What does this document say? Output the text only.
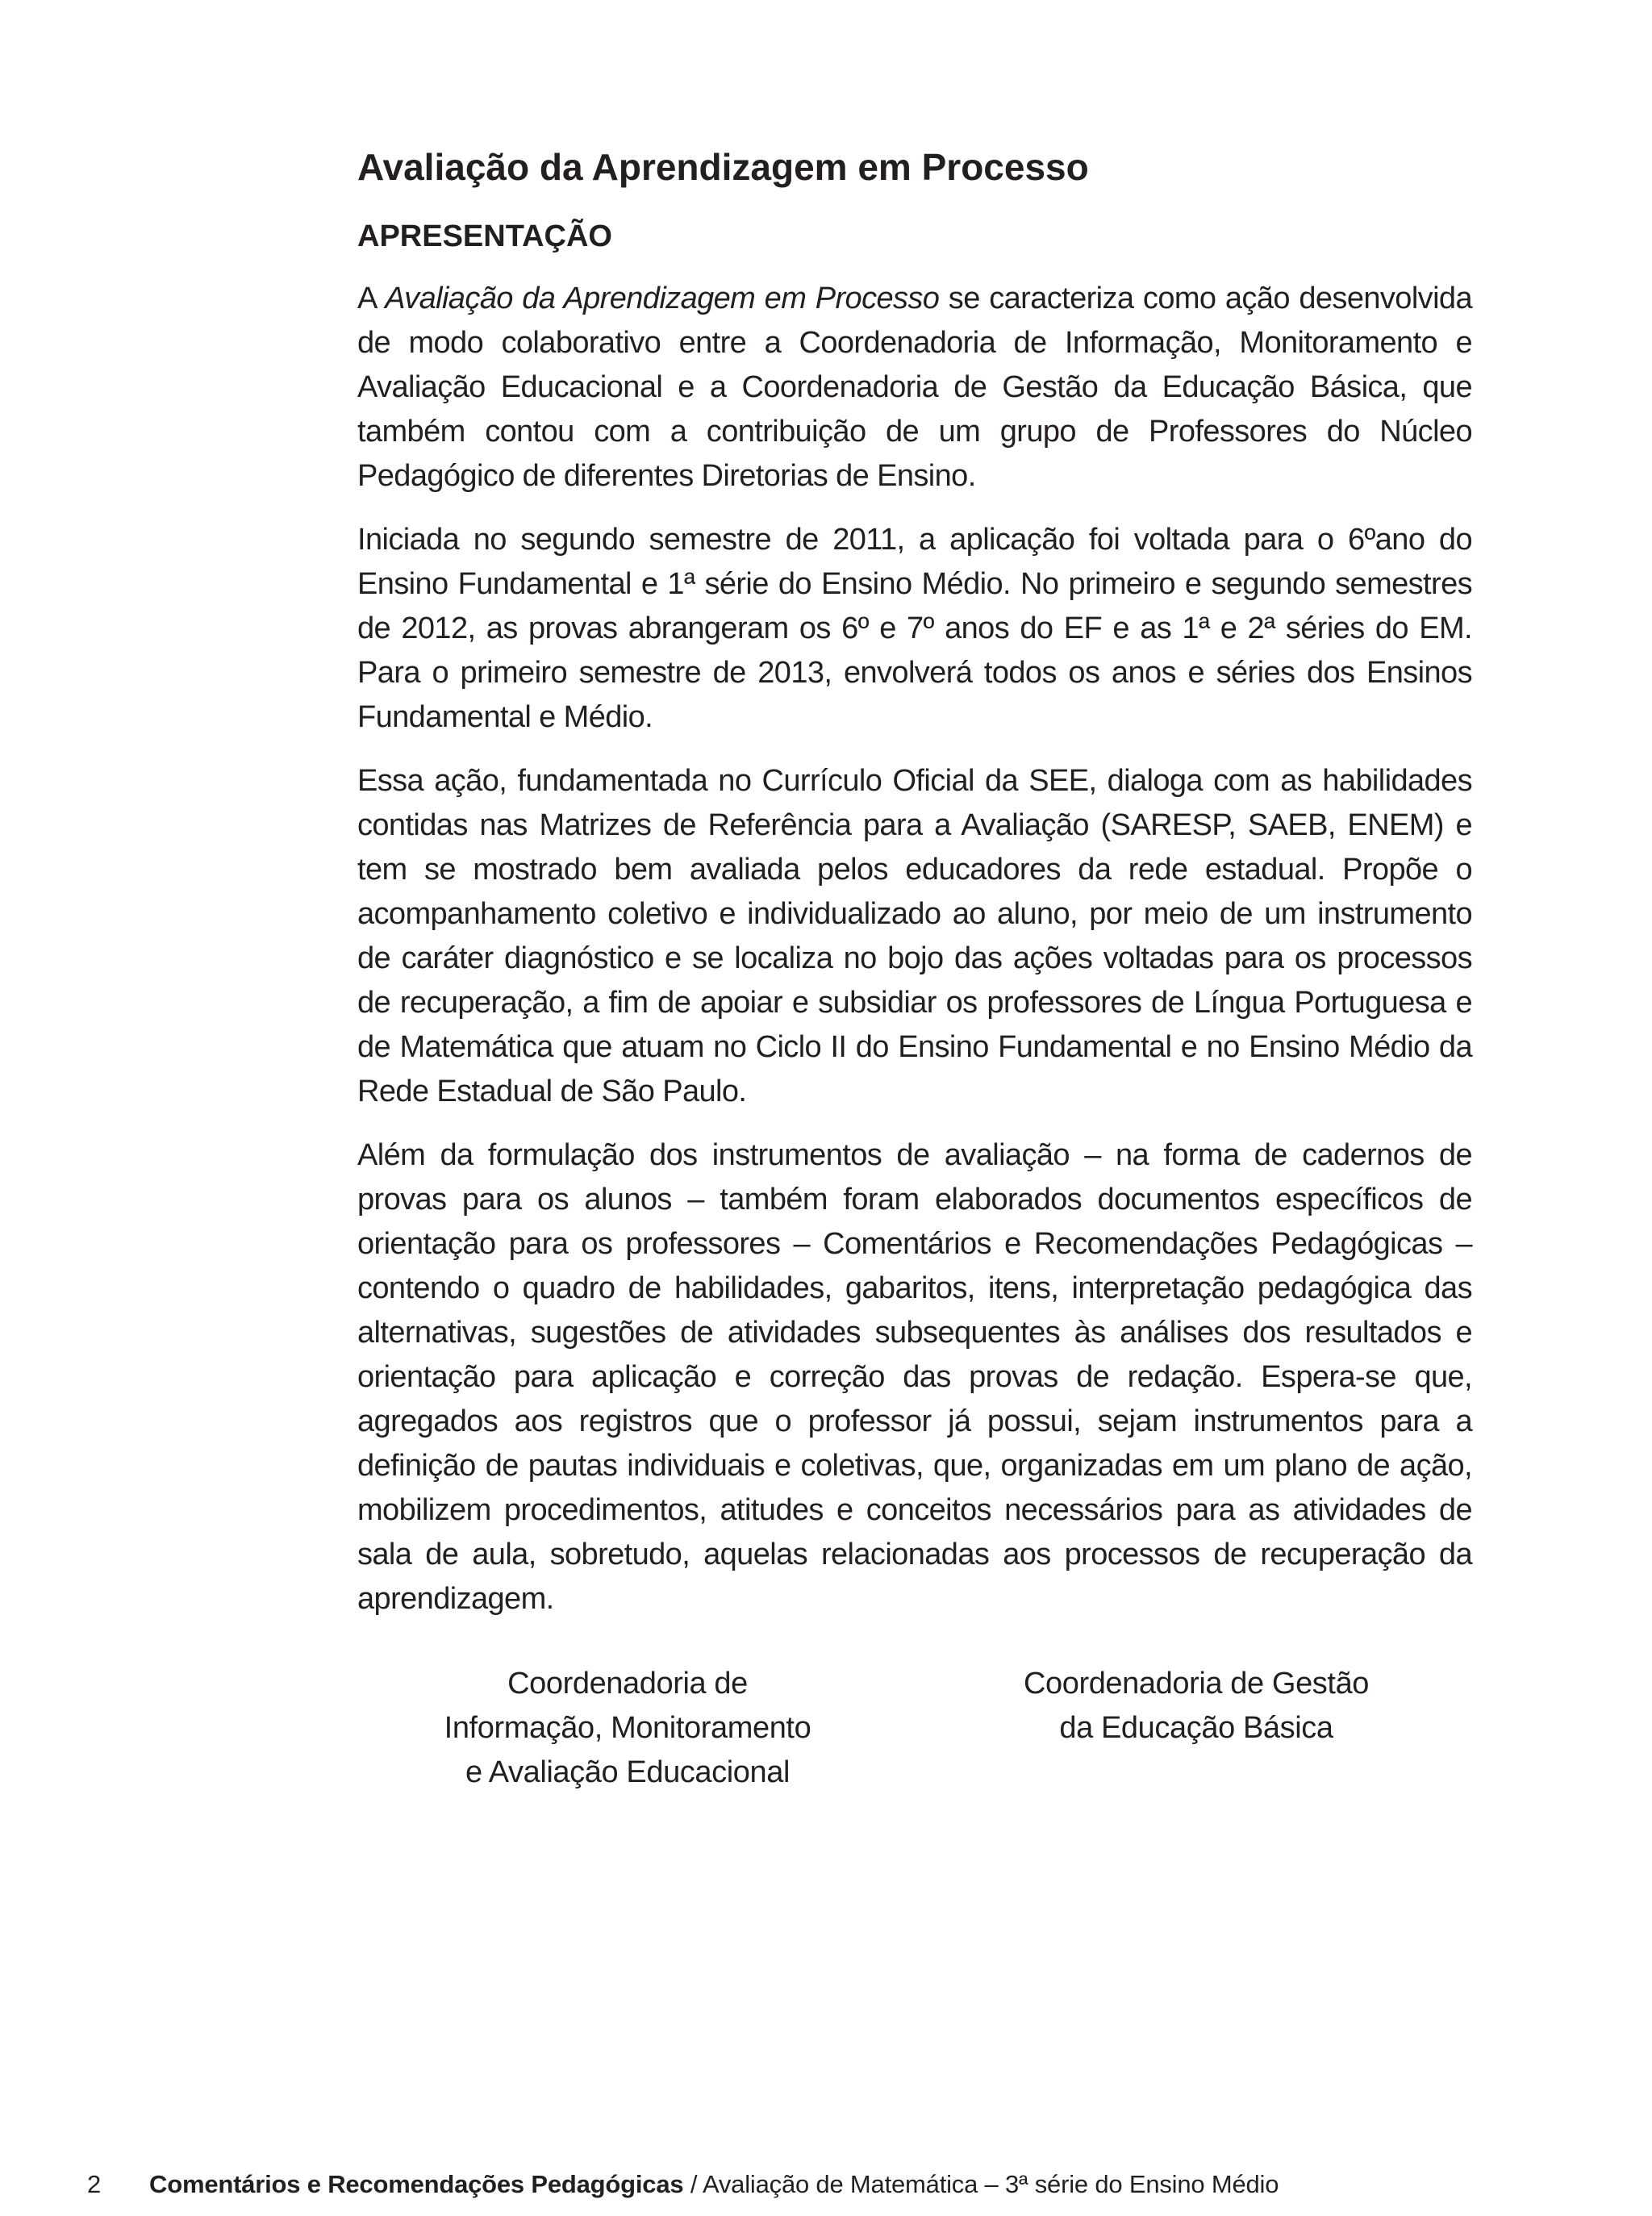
Avaliação da Aprendizagem em Processo
APRESENTAÇÃO

A Avaliação da Aprendizagem em Processo se caracteriza como ação desenvolvida de modo colaborativo entre a Coordenadoria de Informação, Monitoramento e Avaliação Educacional e a Coordenadoria de Gestão da Educação Básica, que também contou com a contribuição de um grupo de Professores do Núcleo Pedagógico de diferentes Diretorias de Ensino.

Iniciada no segundo semestre de 2011, a aplicação foi voltada para o 6ºano do Ensino Fundamental e 1ª série do Ensino Médio. No primeiro e segundo semestres de 2012, as provas abrangeram os 6º e 7º anos do EF e as 1ª e 2ª séries do EM. Para o primeiro semestre de 2013, envolverá todos os anos e séries dos Ensinos Fundamental e Médio.

Essa ação, fundamentada no Currículo Oficial da SEE, dialoga com as habilidades contidas nas Matrizes de Referência para a Avaliação (SARESP, SAEB, ENEM) e tem se mostrado bem avaliada pelos educadores da rede estadual. Propõe o acompanhamento coletivo e individualizado ao aluno, por meio de um instrumento de caráter diagnóstico e se localiza no bojo das ações voltadas para os processos de recuperação, a fim de apoiar e subsidiar os professores de Língua Portuguesa e de Matemática que atuam no Ciclo II do Ensino Fundamental e no Ensino Médio da Rede Estadual de São Paulo.

Além da formulação dos instrumentos de avaliação – na forma de cadernos de provas para os alunos – também foram elaborados documentos específicos de orientação para os professores – Comentários e Recomendações Pedagógicas – contendo o quadro de habilidades, gabaritos, itens, interpretação pedagógica das alternativas, sugestões de atividades subsequentes às análises dos resultados e orientação para aplicação e correção das provas de redação. Espera-se que, agregados aos registros que o professor já possui, sejam instrumentos para a definição de pautas individuais e coletivas, que, organizadas em um plano de ação, mobilizem procedimentos, atitudes e conceitos necessários para as atividades de sala de aula, sobretudo, aquelas relacionadas aos processos de recuperação da aprendizagem.

Coordenadoria de
Informação, Monitoramento
e Avaliação Educacional
Coordenadoria de Gestão
da Educação Básica
2 Comentários e Recomendações Pedagógicas / Avaliação de Matemática – 3ª série do Ensino Médio
